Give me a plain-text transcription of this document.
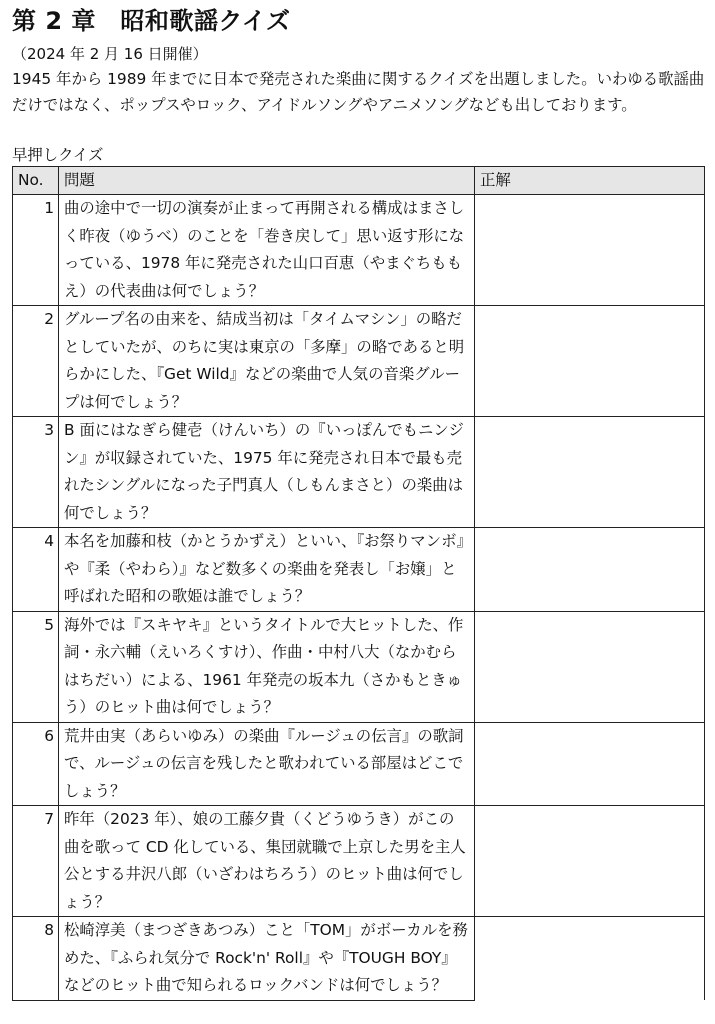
第 2 章　昭和歌謡クイズ

（2024 年 2 月 16 日開催）

1945 年から 1989 年までに日本で発売された楽曲に関するクイズを出題しました。いわゆる歌謡曲だけではなく、ポップスやロック、アイドルソングやアニメソングなども出しております。

早押しクイズ

No.	問題	正解
1	曲の途中で一切の演奏が止まって再開される構成はまさしく昨夜（ゆうべ）のことを「巻き戻して」思い返す形になっている、1978 年に発売された山口百恵（やまぐちももえ）の代表曲は何でしょう？	
2	グループ名の由来を、結成当初は「タイムマシン」の略だとしていたが、のちに実は東京の「多摩」の略であると明らかにした、『Get Wild』などの楽曲で人気の音楽グループは何でしょう？	
3	B 面にはなぎら健壱（けんいち）の『いっぽんでもニンジン』が収録されていた、1975 年に発売され日本で最も売れたシングルになった子門真人（しもんまさと）の楽曲は何でしょう？	
4	本名を加藤和枝（かとうかずえ）といい、『お祭りマンボ』や『柔（やわら）』など数多くの楽曲を発表し「お嬢」と呼ばれた昭和の歌姫は誰でしょう？	
5	海外では『スキヤキ』というタイトルで大ヒットした、作詞・永六輔（えいろくすけ）、作曲・中村八大（なかむらはちだい）による、1961 年発売の坂本九（さかもときゅう）のヒット曲は何でしょう？	
6	荒井由実（あらいゆみ）の楽曲『ルージュの伝言』の歌詞で、ルージュの伝言を残したと歌われている部屋はどこでしょう？	
7	昨年（2023 年）、娘の工藤夕貴（くどうゆうき）がこの曲を歌って CD 化している、集団就職で上京した男を主人公とする井沢八郎（いざわはちろう）のヒット曲は何でしょう？	
8	松崎淳美（まつざきあつみ）こと「TOM」がボーカルを務めた、『ふられ気分で Rock'n' Roll』や『TOUGH BOY』などのヒット曲で知られるロックバンドは何でしょう？	
